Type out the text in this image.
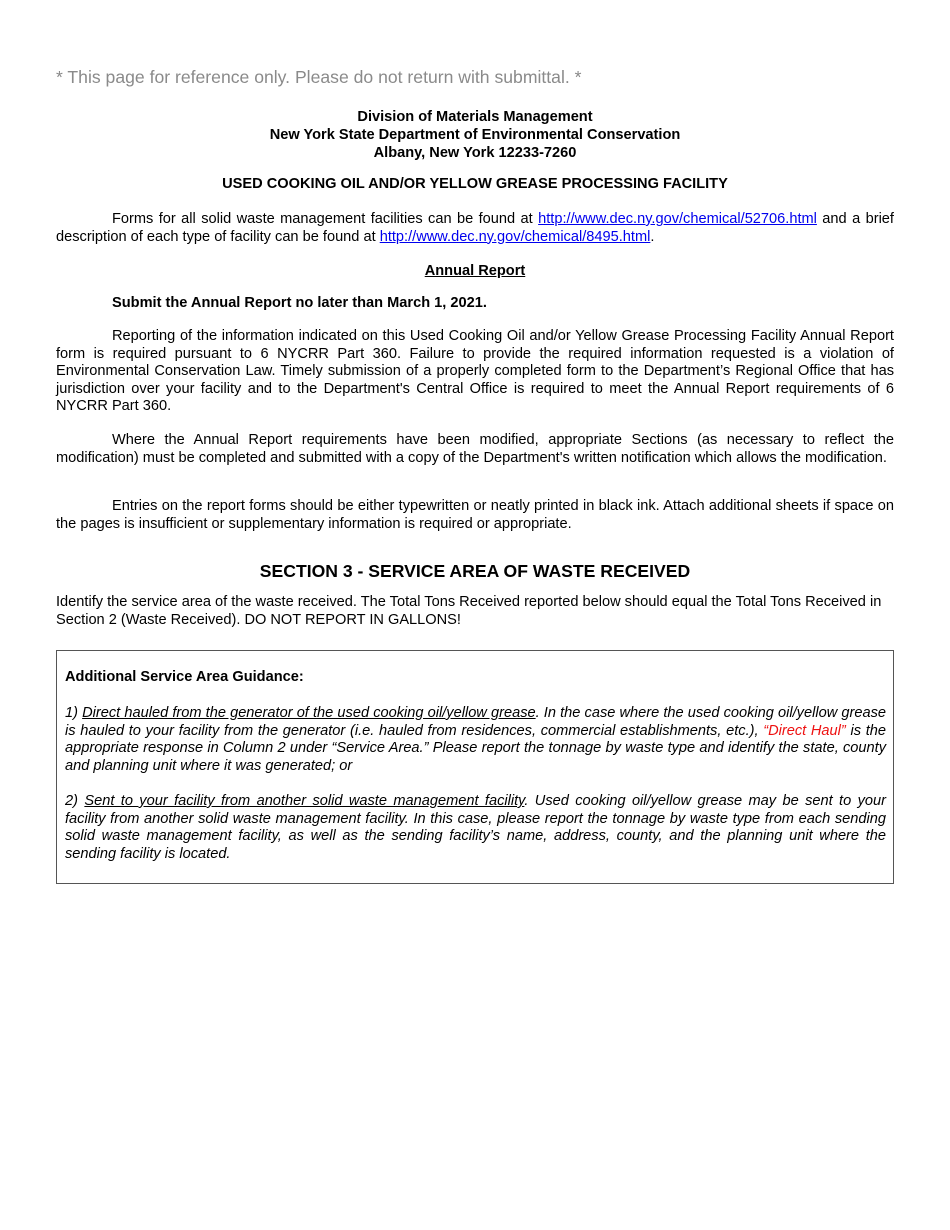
* This page for reference only. Please do not return with submittal. *
Division of Materials Management
New York State Department of Environmental Conservation
Albany, New York 12233-7260
USED COOKING OIL AND/OR YELLOW GREASE PROCESSING FACILITY

Forms for all solid waste management facilities can be found at http://www.dec.ny.gov/chemical/52706.html and a brief description of each type of facility can be found at http://www.dec.ny.gov/chemical/8495.html.

Annual Report
Submit the Annual Report no later than March 1, 2021.

Reporting of the information indicated on this Used Cooking Oil and/or Yellow Grease Processing Facility Annual Report form is required pursuant to 6 NYCRR Part 360. Failure to provide the required information requested is a violation of Environmental Conservation Law. Timely submission of a properly completed form to the Department’s Regional Office that has jurisdiction over your facility and to the Department's Central Office is required to meet the Annual Report requirements of 6 NYCRR Part 360.

Where the Annual Report requirements have been modified, appropriate Sections (as necessary to reflect the modification) must be completed and submitted with a copy of the Department's written notification which allows the modification.

Entries on the report forms should be either typewritten or neatly printed in black ink. Attach additional sheets if space on the pages is insufficient or supplementary information is required or appropriate.

SECTION 3 - SERVICE AREA OF WASTE RECEIVED

Identify the service area of the waste received. The Total Tons Received reported below should equal the Total Tons Received in Section 2 (Waste Received). DO NOT REPORT IN GALLONS!

Additional Service Area Guidance:

1) Direct hauled from the generator of the used cooking oil/yellow grease. In the case where the used cooking oil/yellow grease is hauled to your facility from the generator (i.e. hauled from residences, commercial establishments, etc.), “Direct Haul” is the appropriate response in Column 2 under “Service Area.” Please report the tonnage by waste type and identify the state, county and planning unit where it was generated; or

2) Sent to your facility from another solid waste management facility. Used cooking oil/yellow grease may be sent to your facility from another solid waste management facility. In this case, please report the tonnage by waste type from each sending solid waste management facility, as well as the sending facility’s name, address, county, and the planning unit where the sending facility is located.
